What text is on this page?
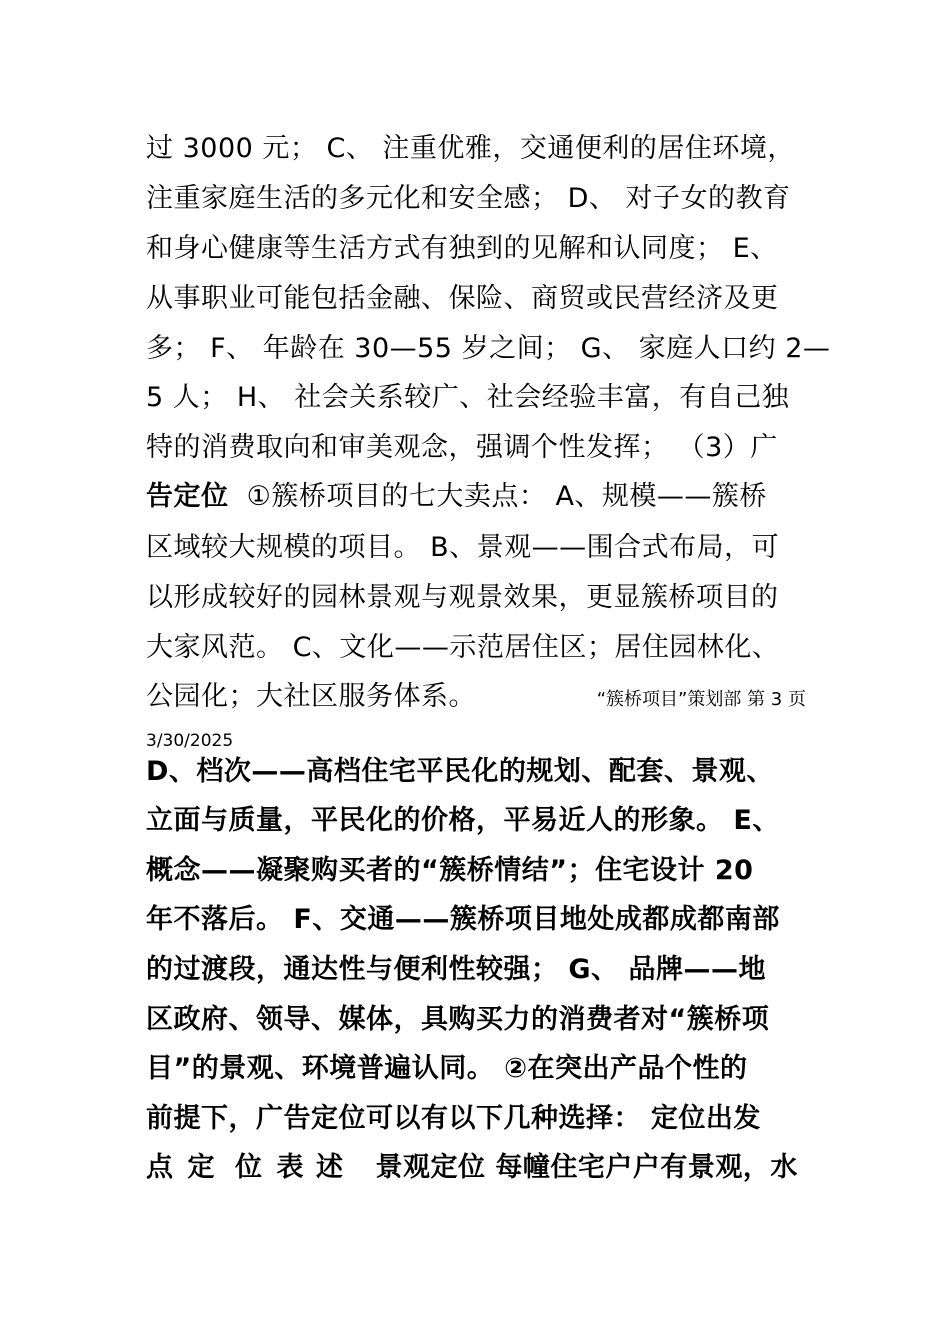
过 3000 元； C、 注重优雅，交通便利的居住环境，
注重家庭生活的多元化和安全感； D、 对子女的教育
和身心健康等生活方式有独到的见解和认同度； E、
从事职业可能包括金融、保险、商贸或民营经济及更
多； F、 年龄在 30—55 岁之间； G、 家庭人口约 2—
5 人； H、 社会关系较广、社会经验丰富，有自己独
特的消费取向和审美观念，强调个性发挥； （3）广
告定位 ①簇桥项目的七大卖点： A、规模——簇桥
区域较大规模的项目。 B、景观——围合式布局，可
以形成较好的园林景观与观景效果，更显簇桥项目的
大家风范。 C、文化——示范居住区；居住园林化、
公园化；大社区服务体系。	“簇桥项目”策划部 第 3 页
3/30/2025
D、档次——高档住宅平民化的规划、配套、景观、
立面与质量，平民化的价格，平易近人的形象。 E、
概念——凝聚购买者的“簇桥情结”；住宅设计 20
年不落后。 F、交通——簇桥项目地处成都成都南部
的过渡段，通达性与便利性较强； G、 品牌——地
区政府、领导、媒体，具购买力的消费者对“簇桥项
目”的景观、环境普遍认同。 ②在突出产品个性的
前提下，广告定位可以有以下几种选择： 定位出发
点 定 位 表 述 景观定位 每幢住宅户户有景观，水
